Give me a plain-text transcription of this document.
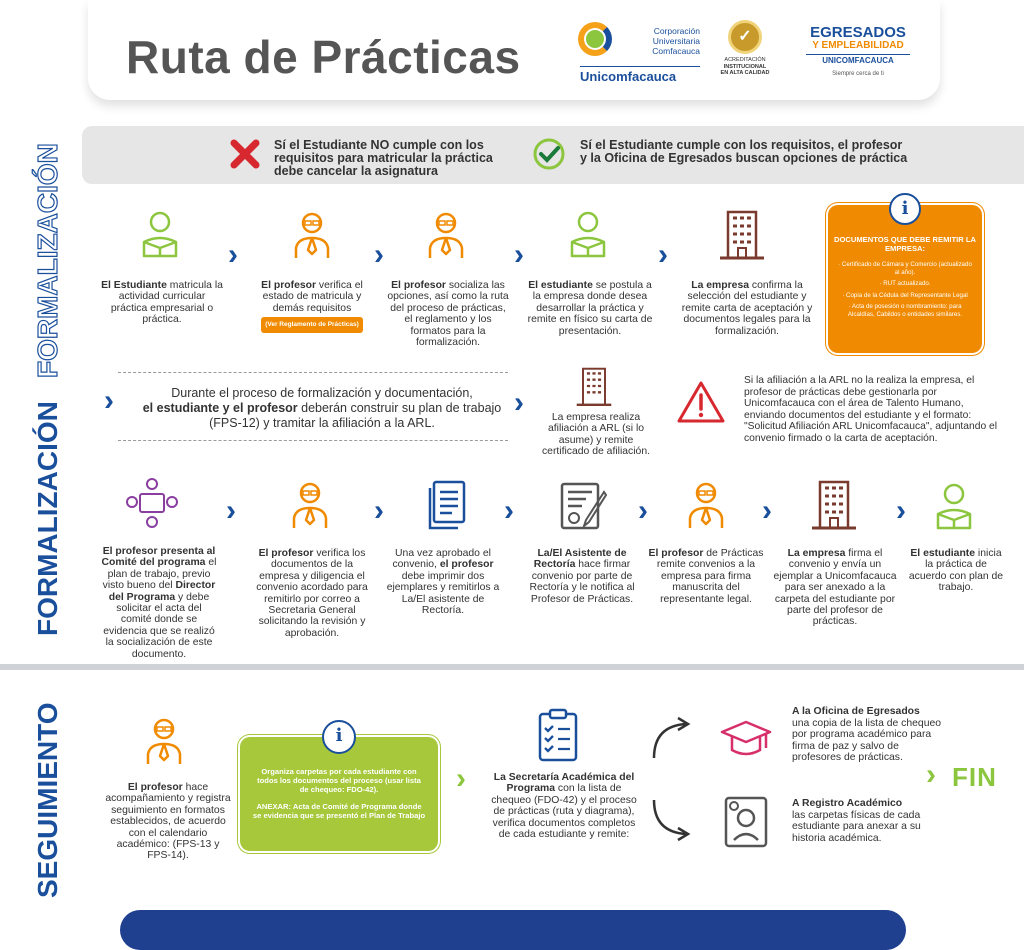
Ruta de Prácticas	Corporación
Universitaria
Comfacauca
Unicomfacauca
✓
ACREDITACIÓN
INSTITUCIONAL
EN ALTA CALIDAD
EGRESADOS
Y EMPLEABILIDAD
UNICOMFACAUCA
Siempre cerca de ti
FORMALIZACIÓN
FORMALIZACIÓN
SEGUIMIENTO
Sí el Estudiante NO cumple con los requisitos para matricular la práctica debe cancelar la asignatura
Sí el Estudiante cumple con los requisitos, el profesor y la Oficina de Egresados buscan opciones de práctica
El Estudiante matricula la actividad curricular práctica empresarial o práctica.
›
El profesor verifica el estado de matricula y demás requisitos
(Ver Reglamento de Prácticas)
›
El profesor socializa las opciones, así como la ruta del proceso de prácticas, el reglamento y los formatos para la formalización.
›
El estudiante se postula a la empresa donde desea desarrollar la práctica y remite en físico su carta de presentación.
›
La empresa confirma la selección del estudiante y remite carta de aceptación y documentos legales para la formalización.
DOCUMENTOS QUE DEBE REMITIR LA EMPRESA:
· Certificado de Cámara y Comercio (actualizado al año).
· RUT actualizado.
· Copia de la Cédula del Representante Legal
· Acta de posesión o nombramiento: para Alcaldías, Cabildos o entidades similares.
i
›	Durante el proceso de formalización y documentación,
el estudiante y el profesor deberán construir su plan de trabajo (FPS-12) y tramitar la afiliación a la ARL.
›	La empresa realiza afiliación a ARL (si lo asume) y remite certificado de afiliación.
Si la afiliación a la ARL no la realiza la empresa, el profesor de prácticas debe gestionarla por Unicomfacauca con el área de Talento Humano, enviando documentos del estudiante y el formato: "Solicitud Afiliación ARL Unicomfacauca", adjuntando el convenio firmado o la carta de aceptación.
El profesor presenta al Comité del programa el plan de trabajo, previo visto bueno del Director del Programa y debe solicitar el acta del comité donde se evidencia que se realizó la socialización de este documento.
›
El profesor verifica los documentos de la empresa y diligencia el convenio acordado para remitirlo por correo a Secretaria General solicitando la revisión y aprobación.
›
Una vez aprobado el convenio, el profesor debe imprimir dos ejemplares y remitirlos a La/El asistente de Rectoría.
›
La/El Asistente de Rectoría hace firmar convenio por parte de Rectoría y le notifica al Profesor de Prácticas.
›
El profesor de Prácticas remite convenios a la empresa para firma manuscrita del representante legal.
›
La empresa firma el convenio y envía un ejemplar a Unicomfacauca para ser anexado a la carpeta del estudiante por parte del profesor de prácticas.
›
El estudiante inicia la práctica de acuerdo con plan de trabajo.
El profesor hace acompañamiento y registra seguimiento en formatos establecidos, de acuerdo con el calendario académico: (FPS-13 y FPS-14).
Organiza carpetas por cada estudiante con todos los documentos del proceso (usar lista de chequeo: FDO-42).
ANEXAR: Acta de Comité de Programa donde se evidencia que se presentó el Plan de Trabajo
i
›	La Secretaría Académica del Programa con la lista de chequeo (FDO-42) y el proceso de prácticas (ruta y diagrama), verifica documentos completos de cada estudiante y remite:
A la Oficina de Egresados
una copia de la lista de chequeo por programa académico para firma de paz y salvo de profesores de prácticas.
A Registro Académico
las carpetas físicas de cada estudiante para anexar a su historia académica.
› FIN
